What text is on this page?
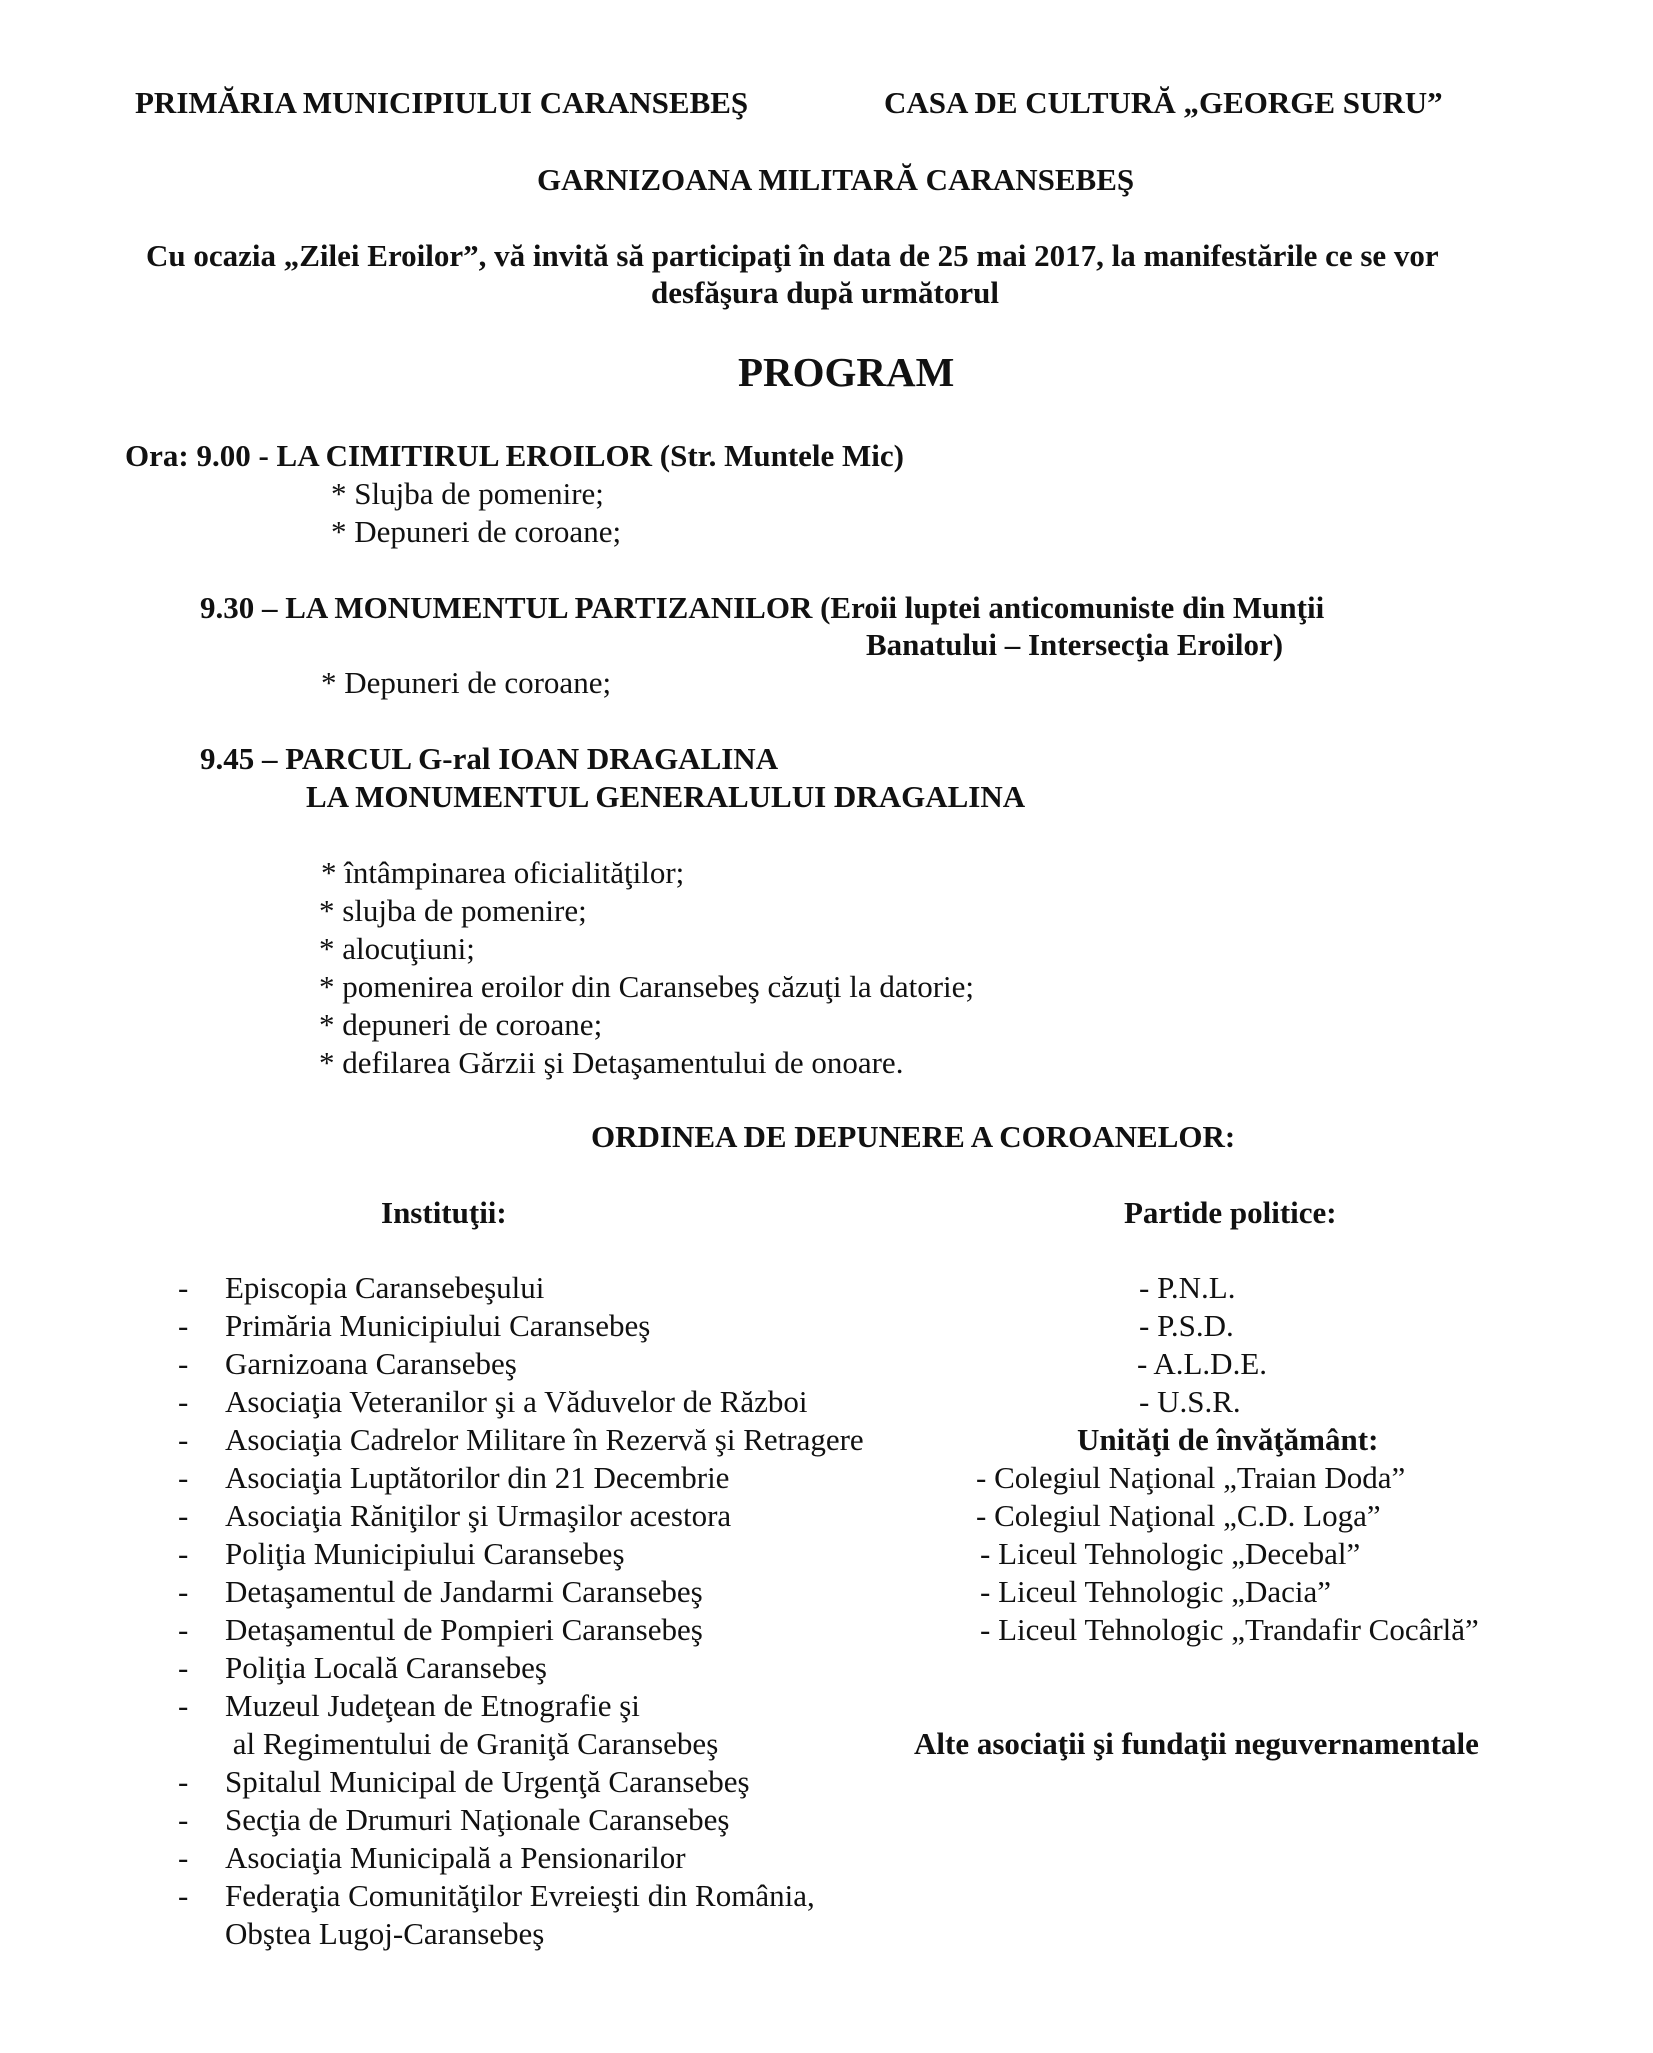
PRIMĂRIA MUNICIPIULUI CARANSEBEŞ	CASA DE CULTURĂ „GEORGE SURU”
GARNIZOANA MILITARĂ CARANSEBEŞ
Cu ocazia „Zilei Eroilor”, vă invită să participaţi în data de 25 mai 2017, la manifestările ce se vor
desfăşura după următorul
PROGRAM
Ora: 9.00 - LA CIMITIRUL EROILOR (Str. Muntele Mic)
* Slujba de pomenire;
* Depuneri de coroane;
9.30 – LA MONUMENTUL PARTIZANILOR (Eroii luptei anticomuniste din Munţii
Banatului – Intersecţia Eroilor)
* Depuneri de coroane;
9.45 – PARCUL G-ral IOAN DRAGALINA
LA MONUMENTUL GENERALULUI DRAGALINA
* întâmpinarea oficialităţilor;
* slujba de pomenire;
* alocuţiuni;
* pomenirea eroilor din Caransebeş căzuţi la datorie;
* depuneri de coroane;
* defilarea Gărzii şi Detaşamentului de onoare.
ORDINEA DE DEPUNERE A COROANELOR:
Instituţii:	Partide politice:
- Episcopia Caransebeşului
- Primăria Municipiului Caransebeş
- Garnizoana Caransebeş
- Asociaţia Veteranilor şi a Văduvelor de Război
- Asociaţia Cadrelor Militare în Rezervă şi Retragere
- Asociaţia Luptătorilor din 21 Decembrie
- Asociaţia Răniţilor şi Urmaşilor acestora
- Poliţia Municipiului Caransebeş
- Detaşamentul de Jandarmi Caransebeş
- Detaşamentul de Pompieri Caransebeş
- Poliţia Locală Caransebeş
- Muzeul Judeţean de Etnografie şi
al Regimentului de Graniţă Caransebeş
- Spitalul Municipal de Urgenţă Caransebeş
- Secţia de Drumuri Naţionale Caransebeş
- Asociaţia Municipală a Pensionarilor
- Federaţia Comunităţilor Evreieşti din România,
Obştea Lugoj-Caransebeş
- P.N.L.
- P.S.D.
- A.L.D.E.
- U.S.R.
Unităţi de învăţământ:
- Colegiul Naţional „Traian Doda”
- Colegiul Naţional „C.D. Loga”
- Liceul Tehnologic „Decebal”
- Liceul Tehnologic „Dacia”
- Liceul Tehnologic „Trandafir Cocârlă”
Alte asociaţii şi fundaţii neguvernamentale
